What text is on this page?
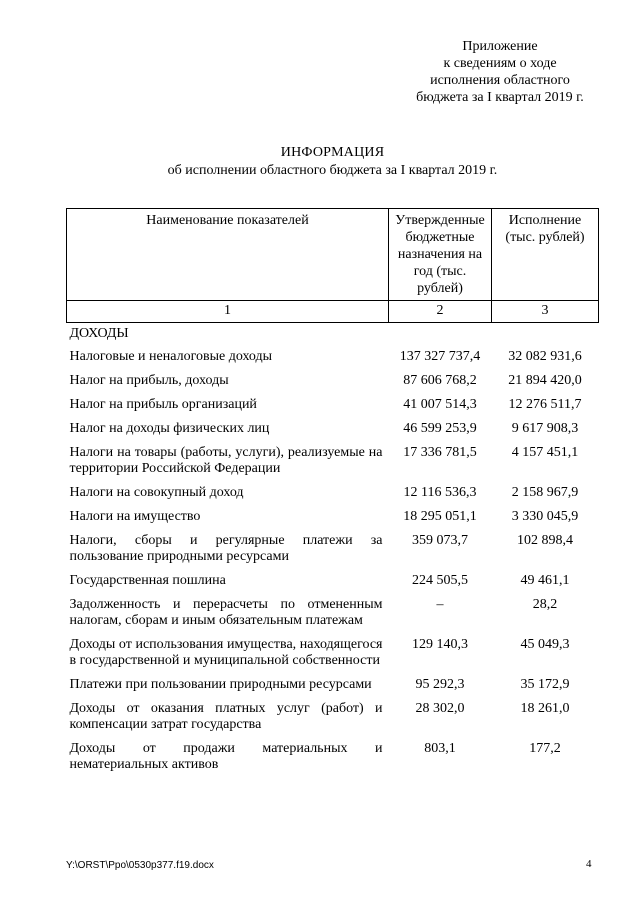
Приложение
к сведениям о ходе
исполнения областного
бюджета за I квартал 2019 г.
ИНФОРМАЦИЯ
об исполнении областного бюджета за I квартал 2019 г.
Наименование показателей	Утвержденные бюджетные назначения на год (тыс. рублей)	Исполнение (тыс. рублей)
1	2	3
ДОХОДЫ		
Налоговые и неналоговые доходы	137 327 737,4	32 082 931,6
Налог на прибыль, доходы	87 606 768,2	21 894 420,0
Налог на прибыль организаций	41 007 514,3	12 276 511,7
Налог на доходы физических лиц	46 599 253,9	9 617 908,3
Налоги на товары (работы, услуги), реализуемые на территории Российской Федерации	17 336 781,5	4 157 451,1
Налоги на совокупный доход	12 116 536,3	2 158 967,9
Налоги на имущество	18 295 051,1	3 330 045,9
Налоги, сборы и регулярные платежи за пользование природными ресурсами	359 073,7	102 898,4
Государственная пошлина	224 505,5	49 461,1
Задолженность и перерасчеты по отмененным налогам, сборам и иным обязательным платежам	–	28,2
Доходы от использования имущества, находящегося в государственной и муниципальной собственности	129 140,3	45 049,3
Платежи при пользовании природными ресурсами	95 292,3	35 172,9
Доходы от оказания платных услуг (работ) и компенсации затрат государства	28 302,0	18 261,0
Доходы от продажи материальных и нематериальных активов	803,1	177,2
Y:\ORST\Ppo\0530p377.f19.docx	4
